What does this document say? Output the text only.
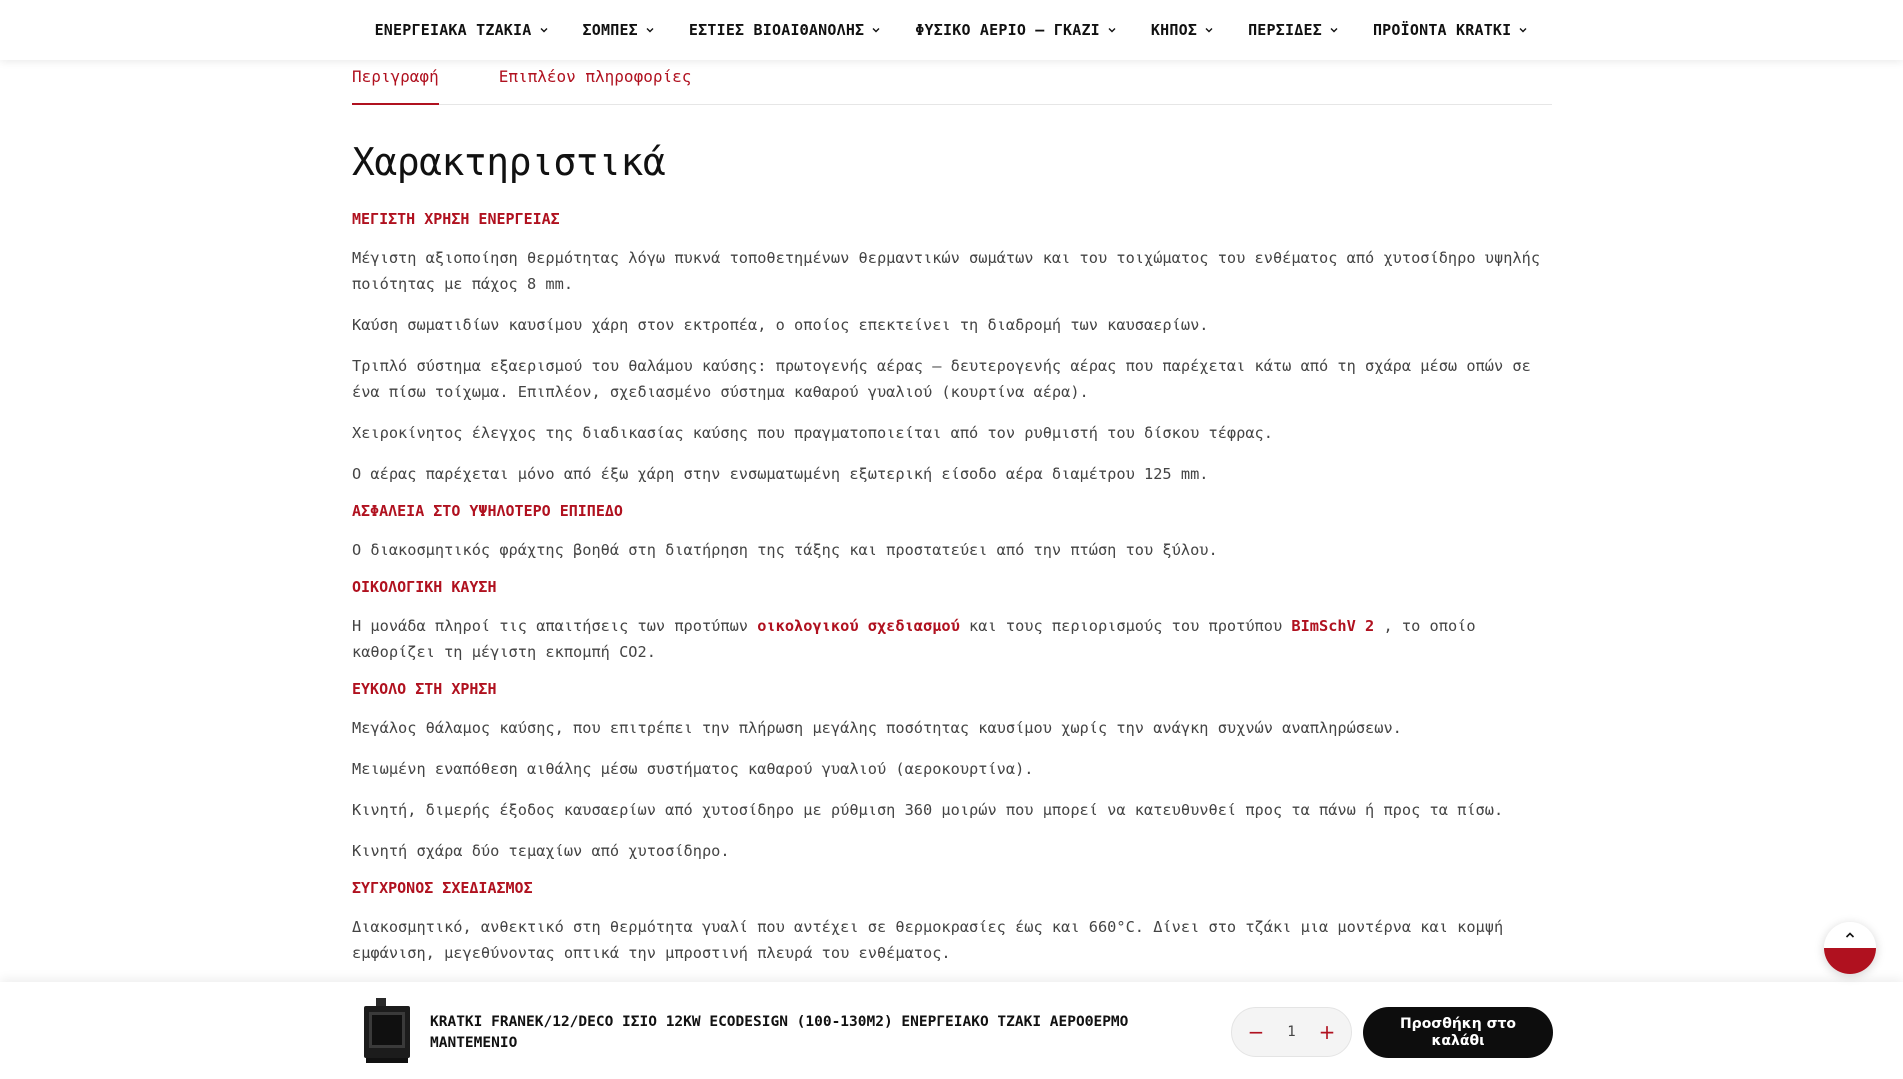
ΕΝΕΡΓΕΙΑΚΑ ΤΖΑΚΙΑ	ΣΟΜΠΕΣ	ΕΣΤΙΕΣ ΒΙΟΑΙΘΑΝΟΛΗΣ	ΦΥΣΙΚΟ ΑΕΡΙΟ – ΓΚΑΖΙ	ΚΗΠΟΣ	ΠΕΡΣΙΔΕΣ	ΠΡΟΪΟΝΤΑ KRATKI
Περιγραφή	Επιπλέον πληροφορίες
Χαρακτηριστικά
ΜΕΓΙΣΤΗ ΧΡΗΣΗ ΕΝΕΡΓΕΙΑΣ

Μέγιστη αξιοποίηση θερμότητας λόγω πυκνά τοποθετημένων θερμαντικών σωμάτων και του τοιχώματος του ενθέματος από χυτοσίδηρο υψηλής ποιότητας με πάχος 8 mm.

Καύση σωματιδίων καυσίμου χάρη στον εκτροπέα, ο οποίος επεκτείνει τη διαδρομή των καυσαερίων.

Τριπλό σύστημα εξαερισμού του θαλάμου καύσης: πρωτογενής αέρας – δευτερογενής αέρας που παρέχεται κάτω από τη σχάρα μέσω οπών σε ένα πίσω τοίχωμα. Επιπλέον, σχεδιασμένο σύστημα καθαρού γυαλιού (κουρτίνα αέρα).

Χειροκίνητος έλεγχος της διαδικασίας καύσης που πραγματοποιείται από τον ρυθμιστή του δίσκου τέφρας.

Ο αέρας παρέχεται μόνο από έξω χάρη στην ενσωματωμένη εξωτερική είσοδο αέρα διαμέτρου 125 mm.

ΑΣΦΑΛΕΙΑ ΣΤΟ ΥΨΗΛΟΤΕΡΟ ΕΠΙΠΕΔΟ

Ο διακοσμητικός φράχτης βοηθά στη διατήρηση της τάξης και προστατεύει από την πτώση του ξύλου.

ΟΙΚΟΛΟΓΙΚΗ ΚΑΥΣΗ

Η μονάδα πληροί τις απαιτήσεις των προτύπων οικολογικού σχεδιασμού και τους περιορισμούς του προτύπου BImSchV 2 , το οποίο καθορίζει τη μέγιστη εκπομπή CO2.

ΕΥΚΟΛΟ ΣΤΗ ΧΡΗΣΗ

Μεγάλος θάλαμος καύσης, που επιτρέπει την πλήρωση μεγάλης ποσότητας καυσίμου χωρίς την ανάγκη συχνών αναπληρώσεων.

Μειωμένη εναπόθεση αιθάλης μέσω συστήματος καθαρού γυαλιού (αεροκουρτίνα).

Κινητή, διμερής έξοδος καυσαερίων από χυτοσίδηρο με ρύθμιση 360 μοιρών που μπορεί να κατευθυνθεί προς τα πάνω ή προς τα πίσω.

Κινητή σχάρα δύο τεμαχίων από χυτοσίδηρο.

ΣΥΓΧΡΟΝΟΣ ΣΧΕΔΙΑΣΜΟΣ

Διακοσμητικό, ανθεκτικό στη θερμότητα γυαλί που αντέχει σε θερμοκρασίες έως και 660°C. Δίνει στο τζάκι μια μοντέρνα και κομψή εμφάνιση, μεγεθύνοντας οπτικά την μπροστινή πλευρά του ενθέματος.

KRATKI FRANEK/12/DECO ΙΣΙΟ 12KW ECODESIGN (100-130M2) ΕΝΕΡΓΕΙΑΚΟ ΤΖΑΚΙ ΑΕΡΟΘΕΡΜΟ ΜΑΝΤΕΜΕΝΙΟ	−
1	+	Προσθήκη στο καλάθι
